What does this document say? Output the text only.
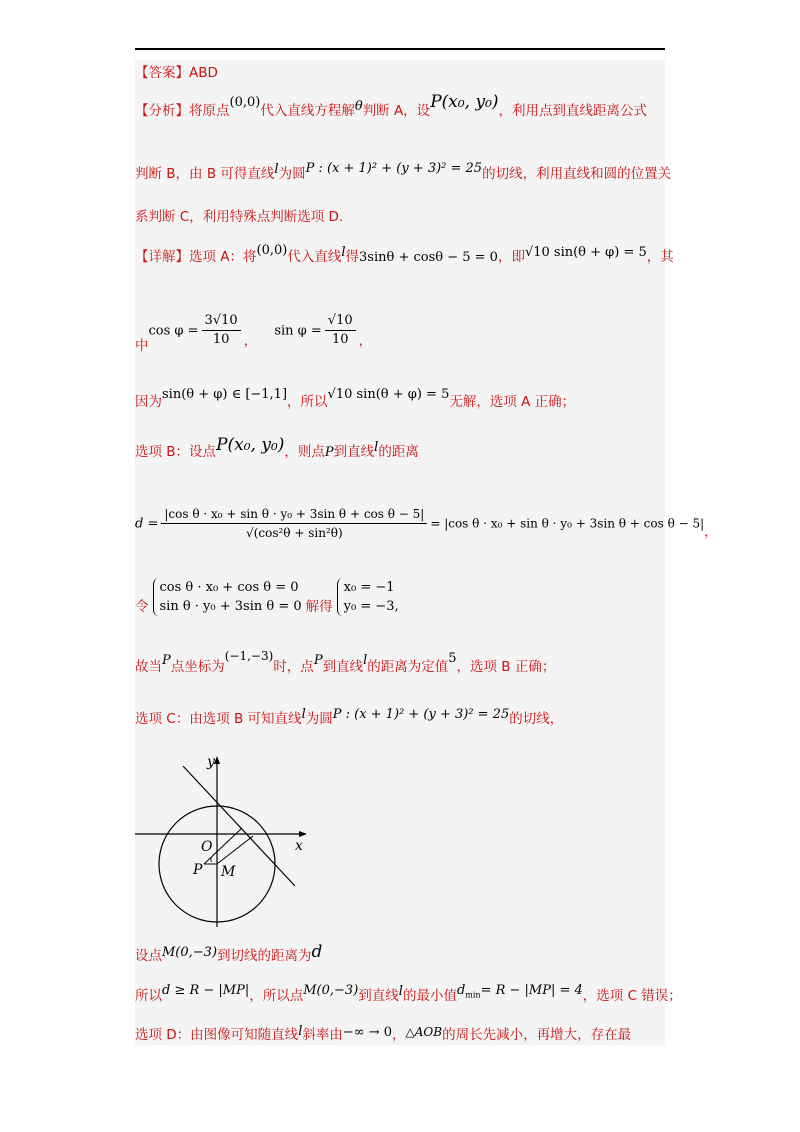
【答案】ABD
【分析】将原点(0,0)代入直线方程解θ判断 A，设P(x₀, y₀)，利用点到直线距离公式
判断 B，由 B 可得直线l为圆P : (x + 1)² + (y + 3)² = 25的切线，利用直线和圆的位置关
系判断 C，利用特殊点判断选项 D.
【详解】选项 A：将(0,0)代入直线l得3sinθ + cosθ − 5 = 0，即√10 sin(θ + φ) = 5，其
中$\cos \varphi = \frac{3√10}{10}$ ，    $\sin \varphi = \frac{√10}{10}$ ，
因为sin(θ + φ) ∈ [−1,1]，所以√10 sin(θ + φ) = 5无解，选项 A 正确；
选项 B：设点P(x₀, y₀)，则点P到直线l的距离
$d = \frac{\text{|cos θ · x₀ + sin θ · y₀ + 3sin θ + cos θ − 5|}}{\text{√(cos²θ + sin²θ)}} = |\cos$ θ · x₀ + sin θ · y₀ + 3sin θ + cos θ − 5|，
令
cos θ · x₀ + cos θ = 0
sin θ · y₀ + 3sin θ = 0 解得
x₀ = −1
y₀ = −3,
故当P点坐标为(−1,−3)时，点P到直线l的距离为定值5，选项 B 正确；
选项 C：由选项 B 可知直线l为圆P : (x + 1)² + (y + 3)² = 25的切线，
y
x
O
P M
设点M(0,−3)到切线的距离为d
所以d ≥ R − |MP|，所以点M(0,−3)到直线l的最小值$d_{min}= R - |MP| = 4$，选项 C 错误；
选项 D：由图像可知随直线l斜率由−∞ → 0，△AOB的周长先减小，再增大，存在最
